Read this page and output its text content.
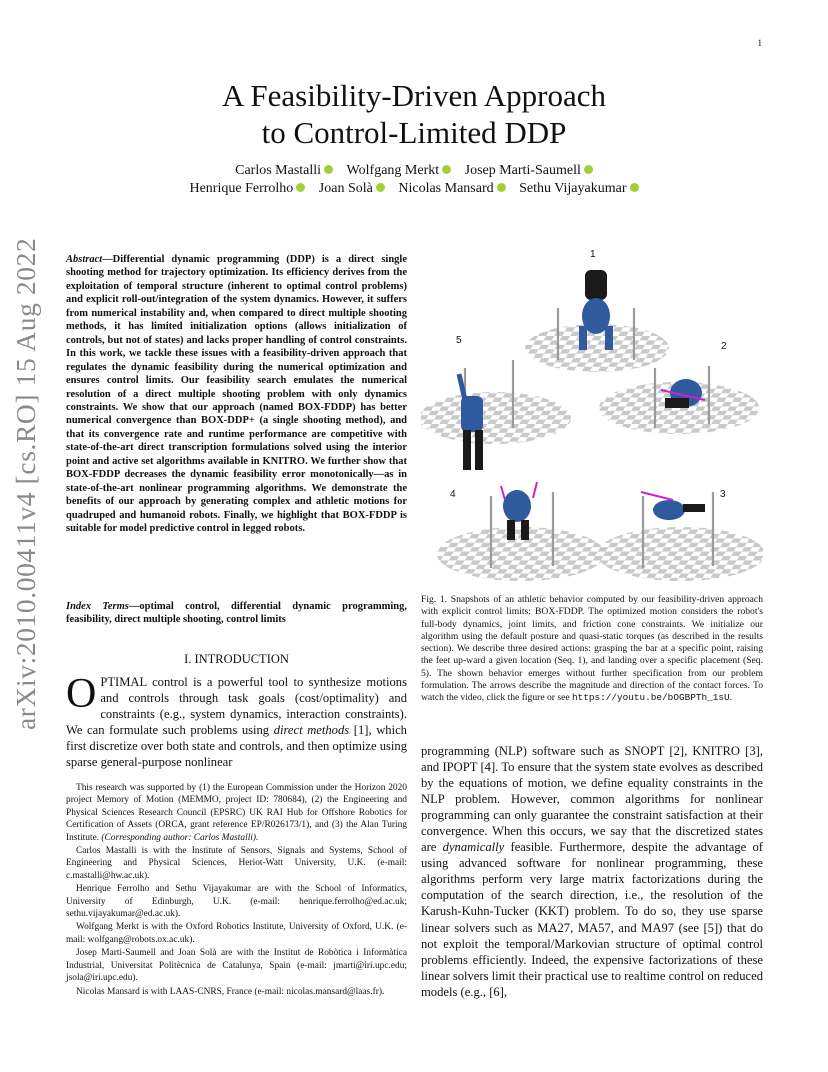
1
arXiv:2010.00411v4 [cs.RO] 15 Aug 2022
A Feasibility-Driven Approach
to Control-Limited DDP
Carlos Mastalli Wolfgang Merkt Josep Marti-Saumell
Henrique Ferrolho Joan Solà Nicolas Mansard Sethu Vijayakumar
Abstract—Differential dynamic programming (DDP) is a direct single shooting method for trajectory optimization. Its efficiency derives from the exploitation of temporal structure (inherent to optimal control problems) and explicit roll-out/integration of the system dynamics. However, it suffers from numerical instability and, when compared to direct multiple shooting methods, it has limited initialization options (allows initialization of controls, but not of states) and lacks proper handling of control constraints. In this work, we tackle these issues with a feasibility-driven approach that regulates the dynamic feasibility during the numerical optimization and ensures control limits. Our feasibility search emulates the numerical resolution of a direct multiple shooting problem with only dynamics constraints. We show that our approach (named BOX-FDDP) has better numerical convergence than BOX-DDP+ (a single shooting method), and that its convergence rate and runtime performance are competitive with state-of-the-art direct transcription formulations solved using the interior point and active set algorithms available in KNITRO. We further show that BOX-FDDP decreases the dynamic feasibility error monotonically—as in state-of-the-art nonlinear programming algorithms. We demonstrate the benefits of our approach by generating complex and athletic motions for quadruped and humanoid robots. Finally, we highlight that BOX-FDDP is suitable for model predictive control in legged robots.
Index Terms—optimal control, differential dynamic programming, feasibility, direct multiple shooting, control limits
I. INTRODUCTION
OPTIMAL control is a powerful tool to synthesize motions and controls through task goals (cost/optimality) and constraints (e.g., system dynamics, interaction constraints). We can formulate such problems using direct methods [1], which first discretize over both state and controls, and then optimize using sparse general-purpose nonlinear

This research was supported by (1) the European Commission under the Horizon 2020 project Memory of Motion (MEMMO, project ID: 780684), (2) the Engineering and Physical Sciences Research Council (EPSRC) UK RAI Hub for Offshore Robotics for Certification of Assets (ORCA, grant reference EP/R026173/1), and (3) the Alan Turing Institute. (Corresponding author: Carlos Mastalli).

Carlos Mastalli is with the Institute of Sensors, Signals and Systems, School of Engineering and Physical Sciences, Heriot-Watt University, U.K. (e-mail: c.mastalli@hw.ac.uk).

Henrique Ferrolho and Sethu Vijayakumar are with the School of Informatics, University of Edinburgh, U.K. (e-mail: henrique.ferrolho@ed.ac.uk; sethu.vijayakumar@ed.ac.uk).

Wolfgang Merkt is with the Oxford Robotics Institute, University of Oxford, U.K. (e-mail: wolfgang@robots.ox.ac.uk).

Josep Marti-Saumell and Joan Solà are with the Institut de Robòtica i Informàtica Industrial, Universitat Politècnica de Catalunya, Spain (e-mail: jmarti@iri.upc.edu; jsola@iri.upc.edu).

Nicolas Mansard is with LAAS-CNRS, France (e-mail: nicolas.mansard@laas.fr).

1
2
3
4
5
Fig. 1. Snapshots of an athletic behavior computed by our feasibility-driven approach with explicit control limits: BOX-FDDP. The optimized motion considers the robot's full-body dynamics, joint limits, and friction cone constraints. We initialize our algorithm using the default posture and quasi-static torques (as described in the results section). We describe three desired actions: grasping the bar at a specific point, raising the feet up-ward a given location (Seq. 1), and landing over a specific placement (Seq. 5). The shown behavior emerges without further specification from our problem formulation. The arrows describe the magnitude and direction of the contact forces. To watch the video, click the figure or see https://youtu.be/bOGBPTh_1sU.
programming (NLP) software such as SNOPT [2], KNITRO [3], and IPOPT [4]. To ensure that the system state evolves as described by the equations of motion, we define equality constraints in the NLP problem. However, common algorithms for nonlinear programming can only guarantee the constraint satisfaction at their convergence. When this occurs, we say that the discretized states are dynamically feasible. Furthermore, despite the advantage of using advanced software for nonlinear programming, these algorithms perform very large matrix factorizations during the computation of the search direction, i.e., the resolution of the Karush-Kuhn-Tucker (KKT) problem. To do so, they use sparse linear solvers such as MA27, MA57, and MA97 (see [5]) that do not exploit the temporal/Markovian structure of optimal control problems efficiently. Indeed, the expensive factorizations of these linear solvers limit their practical use to realtime control on reduced models (e.g., [6],
